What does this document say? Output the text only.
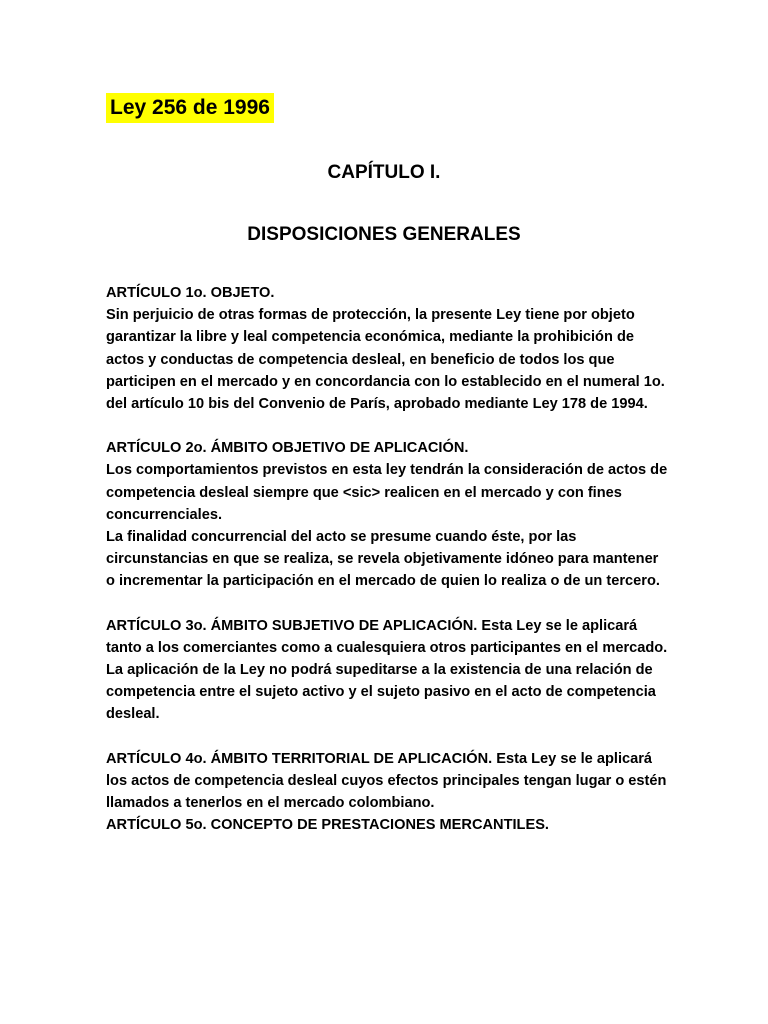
Ley 256 de 1996
CAPÍTULO I.
DISPOSICIONES GENERALES

ARTÍCULO 1o. OBJETO.

Sin perjuicio de otras formas de protección, la presente Ley tiene por objeto garantizar la libre y leal competencia económica, mediante la prohibición de actos y conductas de competencia desleal, en beneficio de todos los que participen en el mercado y en concordancia con lo establecido en el numeral 1o. del artículo 10 bis del Convenio de París, aprobado mediante Ley 178 de 1994.

ARTÍCULO 2o. ÁMBITO OBJETIVO DE APLICACIÓN.

Los comportamientos previstos en esta ley tendrán la consideración de actos de competencia desleal siempre que <sic> realicen en el mercado y con fines concurrenciales.

La finalidad concurrencial del acto se presume cuando éste, por las circunstancias en que se realiza, se revela objetivamente idóneo para mantener o incrementar la participación en el mercado de quien lo realiza o de un tercero.

ARTÍCULO 3o. ÁMBITO SUBJETIVO DE APLICACIÓN. Esta Ley se le aplicará tanto a los comerciantes como a cualesquiera otros participantes en el mercado.

La aplicación de la Ley no podrá supeditarse a la existencia de una relación de competencia entre el sujeto activo y el sujeto pasivo en el acto de competencia desleal.

ARTÍCULO 4o. ÁMBITO TERRITORIAL DE APLICACIÓN. Esta Ley se le aplicará los actos de competencia desleal cuyos efectos principales tengan lugar o estén llamados a tenerlos en el mercado colombiano.

ARTÍCULO 5o. CONCEPTO DE PRESTACIONES MERCANTILES.
